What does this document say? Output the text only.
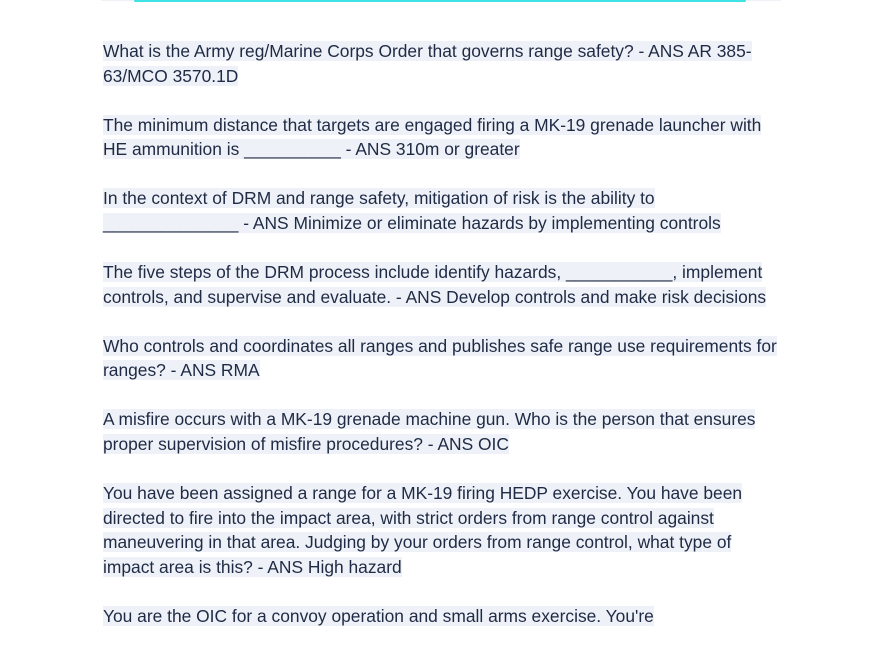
What is the Army reg/Marine Corps Order that governs range safety? - ANS AR 385-63/MCO 3570.1D

The minimum distance that targets are engaged firing a MK-19 grenade launcher with HE ammunition is __________ - ANS 310m or greater

In the context of DRM and range safety, mitigation of risk is the ability to ______________ - ANS Minimize or eliminate hazards by implementing controls

The five steps of the DRM process include identify hazards, ___________, implement controls, and supervise and evaluate. - ANS Develop controls and make risk decisions

Who controls and coordinates all ranges and publishes safe range use requirements for ranges? - ANS RMA

A misfire occurs with a MK-19 grenade machine gun. Who is the person that ensures proper supervision of misfire procedures? - ANS OIC

You have been assigned a range for a MK-19 firing HEDP exercise. You have been directed to fire into the impact area, with strict orders from range control against maneuvering in that area. Judging by your orders from range control, what type of impact area is this? - ANS High hazard

You are the OIC for a convoy operation and small arms exercise. You're
